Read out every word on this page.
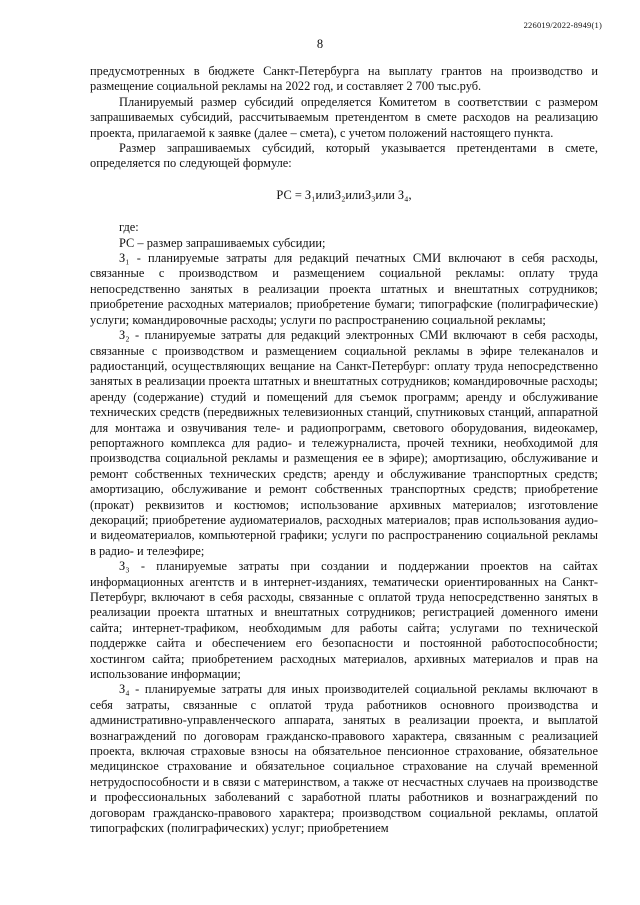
226019/2022-8949(1)
8

предусмотренных в бюджете Санкт-Петербурга на выплату грантов на производство и размещение социальной рекламы на 2022 год, и составляет 2 700 тыс.руб.

Планируемый размер субсидий определяется Комитетом в соответствии с размером запрашиваемых субсидий, рассчитываемым претендентом в смете расходов на реализацию проекта, прилагаемой к заявке (далее – смета), с учетом положений настоящего пункта.

Размер запрашиваемых субсидий, который указывается претендентами в смете, определяется по следующей формуле:

РС = З₁илиЗ₂илиЗ₃или З₄,

где:

РС – размер запрашиваемых субсидии;

З₁ - планируемые затраты для редакций печатных СМИ включают в себя расходы, связанные с производством и размещением социальной рекламы: оплату труда непосредственно занятых в реализации проекта штатных и внештатных сотрудников; приобретение расходных материалов; приобретение бумаги; типографские (полиграфические) услуги; командировочные расходы; услуги по распространению социальной рекламы;

З₂ - планируемые затраты для редакций электронных СМИ включают в себя расходы, связанные с производством и размещением социальной рекламы в эфире телеканалов и радиостанций, осуществляющих вещание на Санкт-Петербург: оплату труда непосредственно занятых в реализации проекта штатных и внештатных сотрудников; командировочные расходы; аренду (содержание) студий и помещений для съемок программ; аренду и обслуживание технических средств (передвижных телевизионных станций, спутниковых станций, аппаратной для монтажа и озвучивания теле- и радиопрограмм, светового оборудования, видеокамер, репортажного комплекса для радио- и тележурналиста, прочей техники, необходимой для производства социальной рекламы и размещения ее в эфире); амортизацию, обслуживание и ремонт собственных технических средств; аренду и обслуживание транспортных средств; амортизацию, обслуживание и ремонт собственных транспортных средств; приобретение (прокат) реквизитов и костюмов; использование архивных материалов; изготовление декораций; приобретение аудиоматериалов, расходных материалов; прав использования аудио- и видеоматериалов, компьютерной графики; услуги по распространению социальной рекламы в радио- и телеэфире;

З₃ - планируемые затраты при создании и поддержании проектов на сайтах информационных агентств и в интернет-изданиях, тематически ориентированных на Санкт-Петербург, включают в себя расходы, связанные с оплатой труда непосредственно занятых в реализации проекта штатных и внештатных сотрудников; регистрацией доменного имени сайта; интернет-трафиком, необходимым для работы сайта; услугами по технической поддержке сайта и обеспечением его безопасности и постоянной работоспособности; хостингом сайта; приобретением расходных материалов, архивных материалов и прав на использование информации;

З₄ - планируемые затраты для иных производителей социальной рекламы включают в себя затраты, связанные с оплатой труда работников основного производства и административно-управленческого аппарата, занятых в реализации проекта, и выплатой вознаграждений по договорам гражданско-правового характера, связанным с реализацией проекта, включая страховые взносы на обязательное пенсионное страхование, обязательное медицинское страхование и обязательное социальное страхование на случай временной нетрудоспособности и в связи с материнством, а также от несчастных случаев на производстве и профессиональных заболеваний с заработной платы работников и вознаграждений по договорам гражданско-правового характера; производством социальной рекламы, оплатой типографских (полиграфических) услуг; приобретением
